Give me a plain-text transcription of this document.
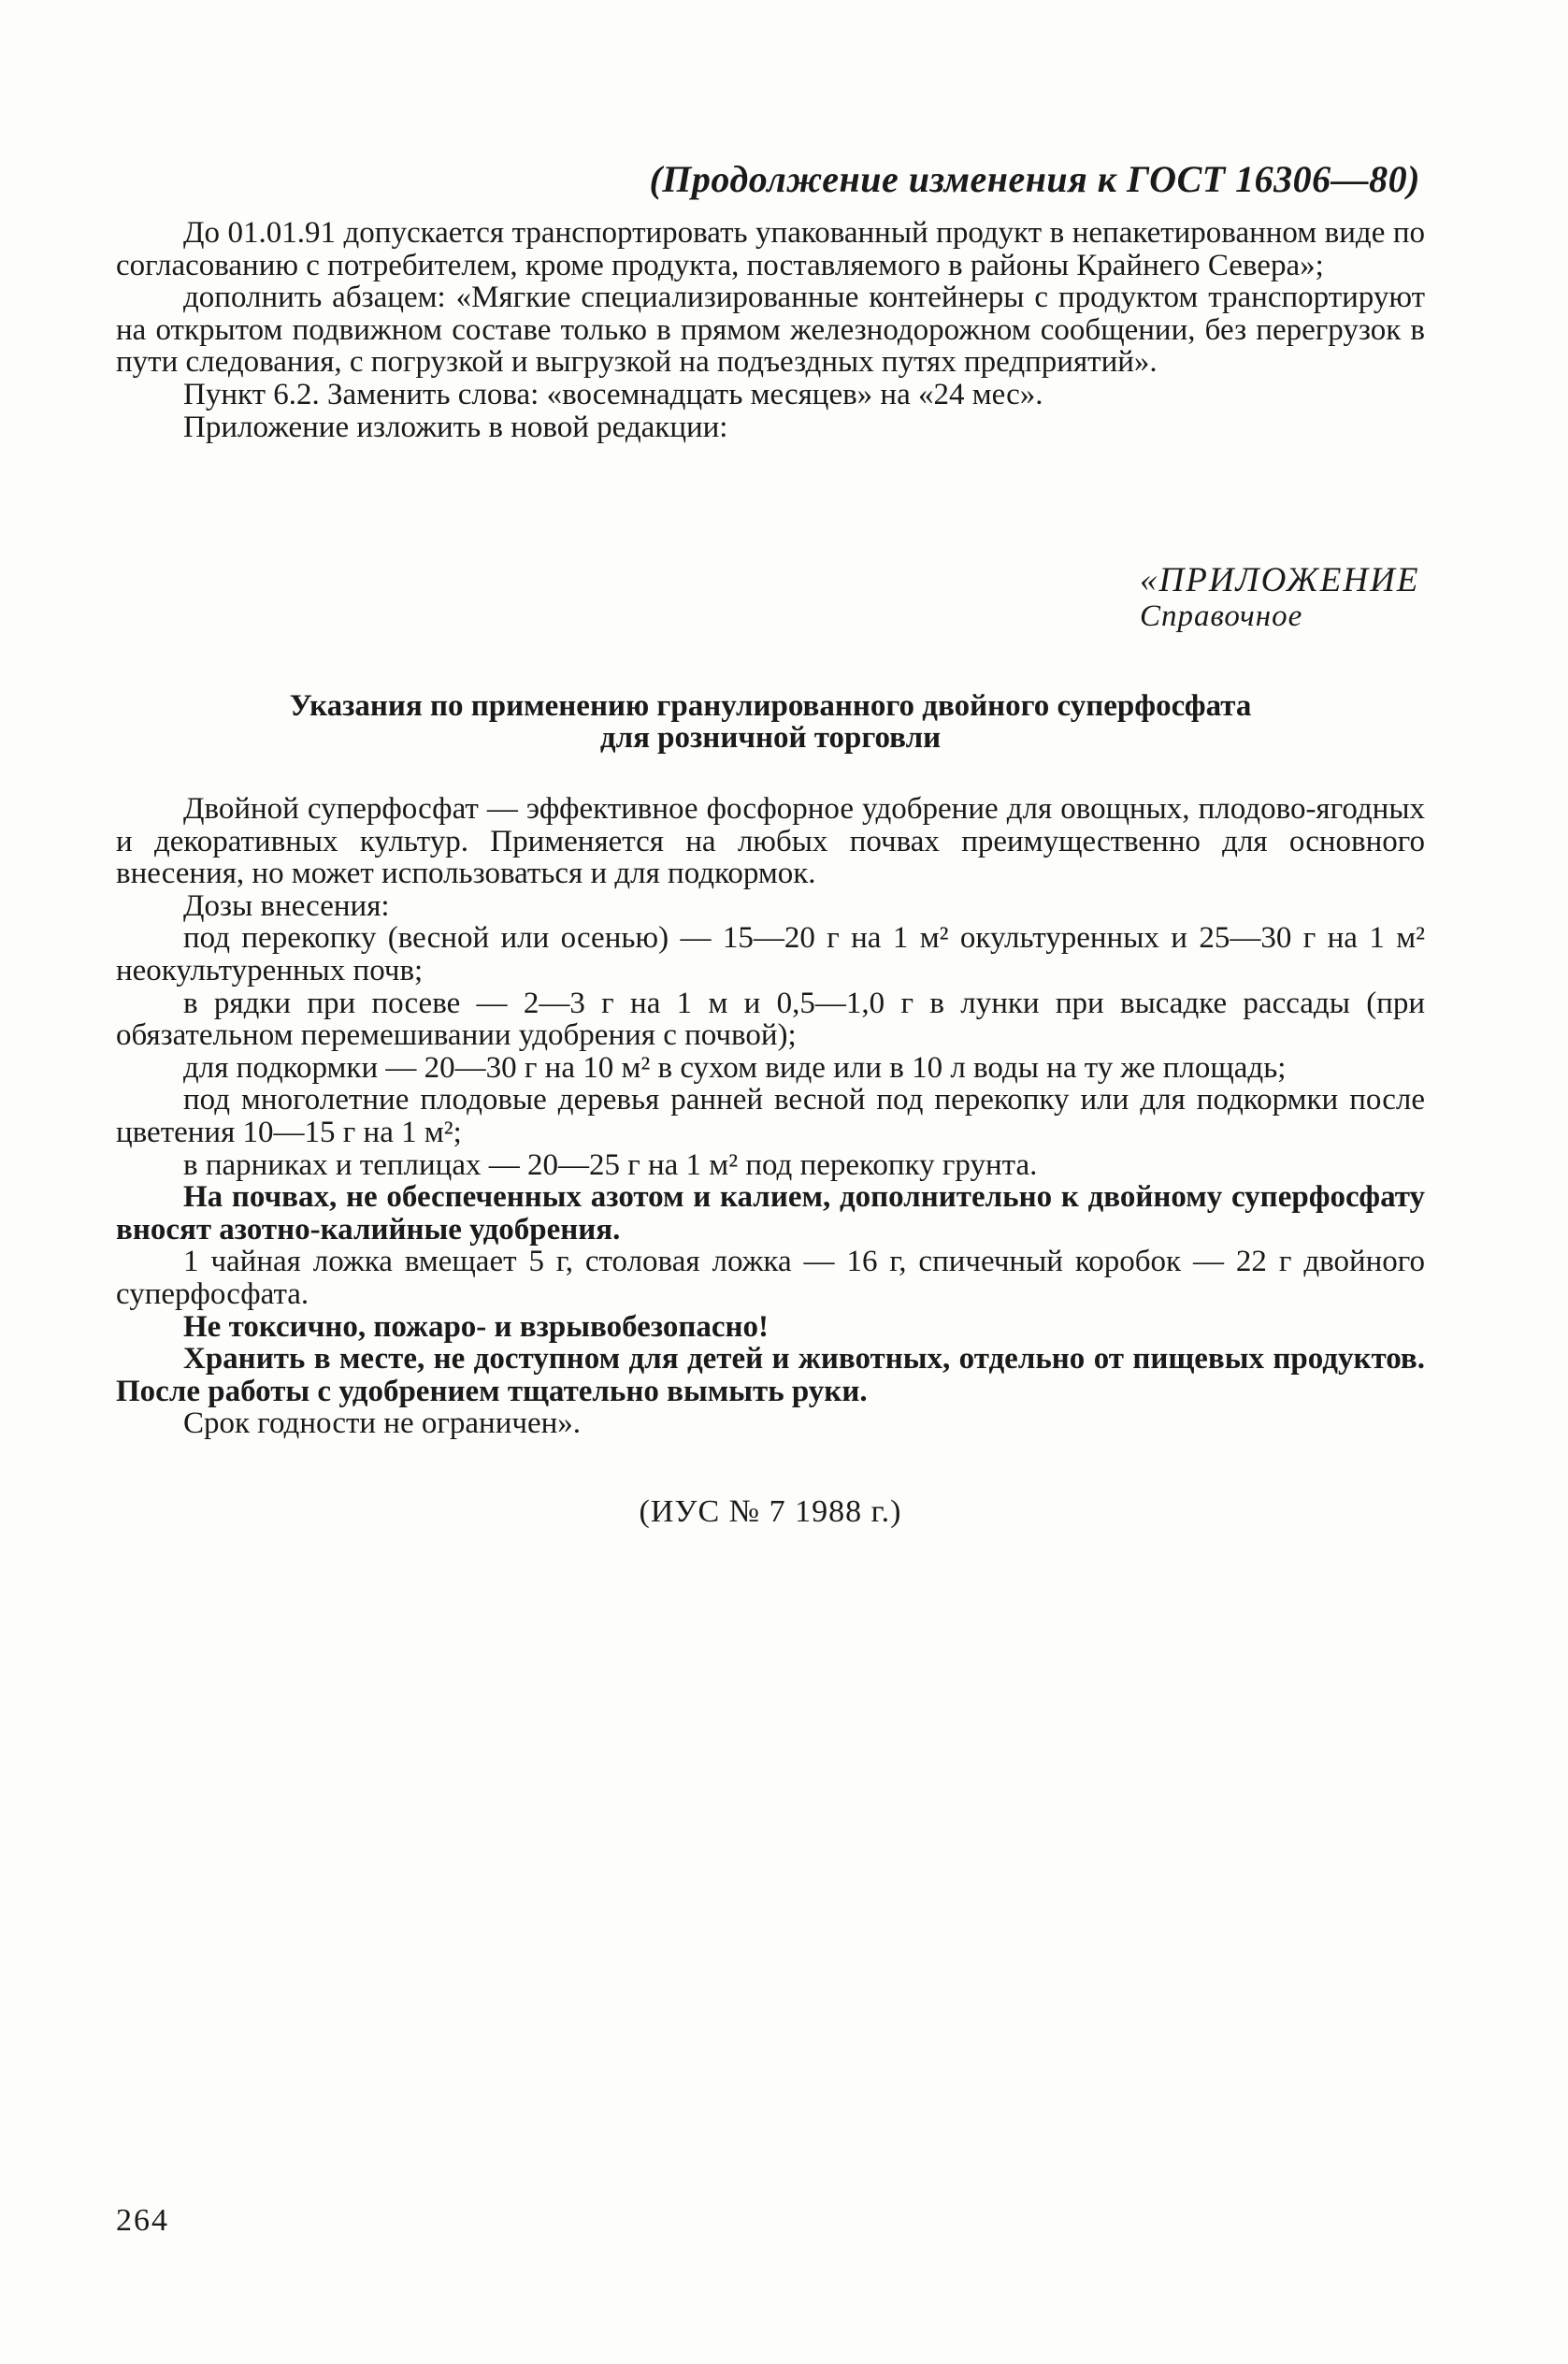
(Продолжение изменения к ГОСТ 16306—80)

До 01.01.91 допускается транспортировать упакованный продукт в непакетированном виде по согласованию с потребителем, кроме продукта, поставляемого в районы Крайнего Севера»;

дополнить абзацем: «Мягкие специализированные контейнеры с продуктом транспортируют на открытом подвижном составе только в прямом железнодорожном сообщении, без перегрузок в пути следования, с погрузкой и выгрузкой на подъездных путях предприятий».

Пункт 6.2. Заменить слова: «восемнадцать месяцев» на «24 мес».

Приложение изложить в новой редакции:

«ПРИЛОЖЕНИЕ
Справочное
Указания по применению гранулированного двойного суперфосфата
для розничной торговли

Двойной суперфосфат — эффективное фосфорное удобрение для овощных, плодово-ягодных и декоративных культур. Применяется на любых почвах преимущественно для основного внесения, но может использоваться и для подкормок.

Дозы внесения:

под перекопку (весной или осенью) — 15—20 г на 1 м² окультуренных и 25—30 г на 1 м² неокультуренных почв;

в рядки при посеве — 2—3 г на 1 м и 0,5—1,0 г в лунки при высадке рассады (при обязательном перемешивании удобрения с почвой);

для подкормки — 20—30 г на 10 м² в сухом виде или в 10 л воды на ту же площадь;

под многолетние плодовые деревья ранней весной под перекопку или для подкормки после цветения 10—15 г на 1 м²;

в парниках и теплицах — 20—25 г на 1 м² под перекопку грунта.

На почвах, не обеспеченных азотом и калием, дополнительно к двойному суперфосфату вносят азотно-калийные удобрения.

1 чайная ложка вмещает 5 г, столовая ложка — 16 г, спичечный коробок — 22 г двойного суперфосфата.

Не токсично, пожаро- и взрывобезопасно!

Хранить в месте, не доступном для детей и животных, отдельно от пищевых продуктов. После работы с удобрением тщательно вымыть руки.

Срок годности не ограничен».

(ИУС № 7 1988 г.)
264
